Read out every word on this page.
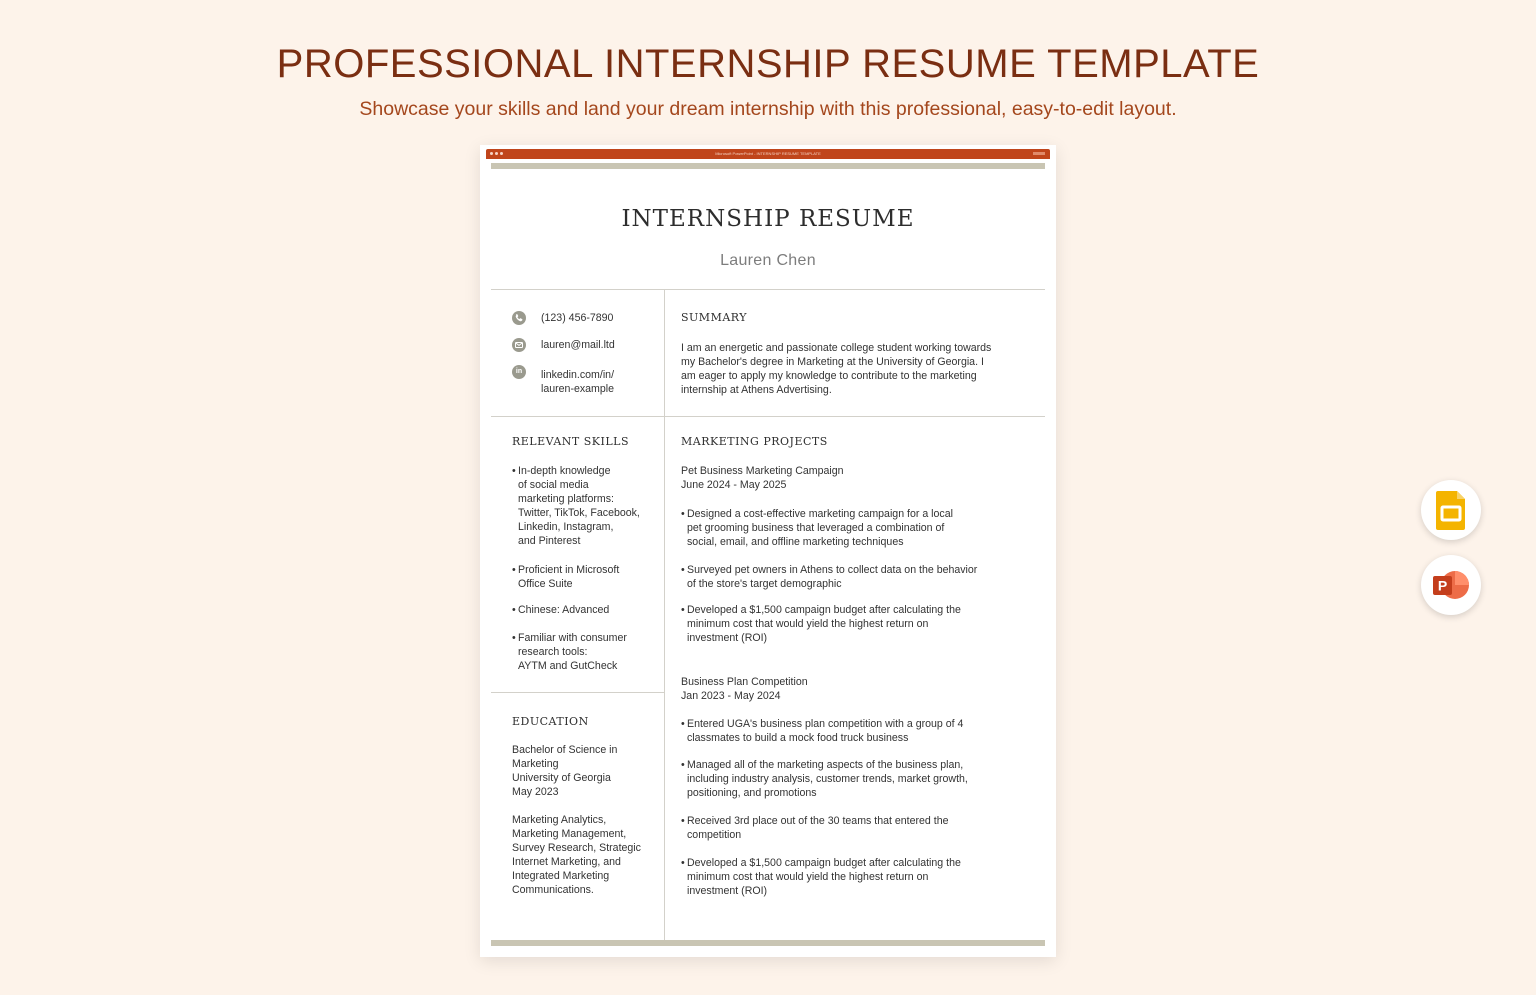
PROFESSIONAL INTERNSHIP RESUME TEMPLATE

Showcase your skills and land your dream internship with this professional, easy-to-edit layout.

Microsoft PowerPoint - INTERNSHIP RESUME TEMPLATE
INTERNSHIP RESUME
Lauren Chen
(123) 456-7890
lauren@mail.ltd
in	linkedin.com/in/
lauren-example
SUMMARY
I am an energetic and passionate college student working towards
my Bachelor's degree in Marketing at the University of Georgia. I
am eager to apply my knowledge to contribute to the marketing
internship at Athens Advertising.
RELEVANT SKILLS
• In-depth knowledge
of social media
marketing platforms:
Twitter, TikTok, Facebook,
Linkedin, Instagram,
and Pinterest
• Proficient in Microsoft
Office Suite
• Chinese: Advanced
• Familiar with consumer
research tools:
AYTM and GutCheck
EDUCATION
Bachelor of Science in
Marketing
University of Georgia
May 2023
Marketing Analytics,
Marketing Management,
Survey Research, Strategic
Internet Marketing, and
Integrated Marketing
Communications.
MARKETING PROJECTS
Pet Business Marketing Campaign
June 2024 - May 2025
• Designed a cost-effective marketing campaign for a local
pet grooming business that leveraged a combination of
social, email, and offline marketing techniques
• Surveyed pet owners in Athens to collect data on the behavior
of the store's target demographic
• Developed a $1,500 campaign budget after calculating the
minimum cost that would yield the highest return on
investment (ROI)
Business Plan Competition
Jan 2023 - May 2024
• Entered UGA's business plan competition with a group of 4
classmates to build a mock food truck business
• Managed all of the marketing aspects of the business plan,
including industry analysis, customer trends, market growth,
positioning, and promotions
• Received 3rd place out of the 30 teams that entered the
competition
• Developed a $1,500 campaign budget after calculating the
minimum cost that would yield the highest return on
investment (ROI)
P
